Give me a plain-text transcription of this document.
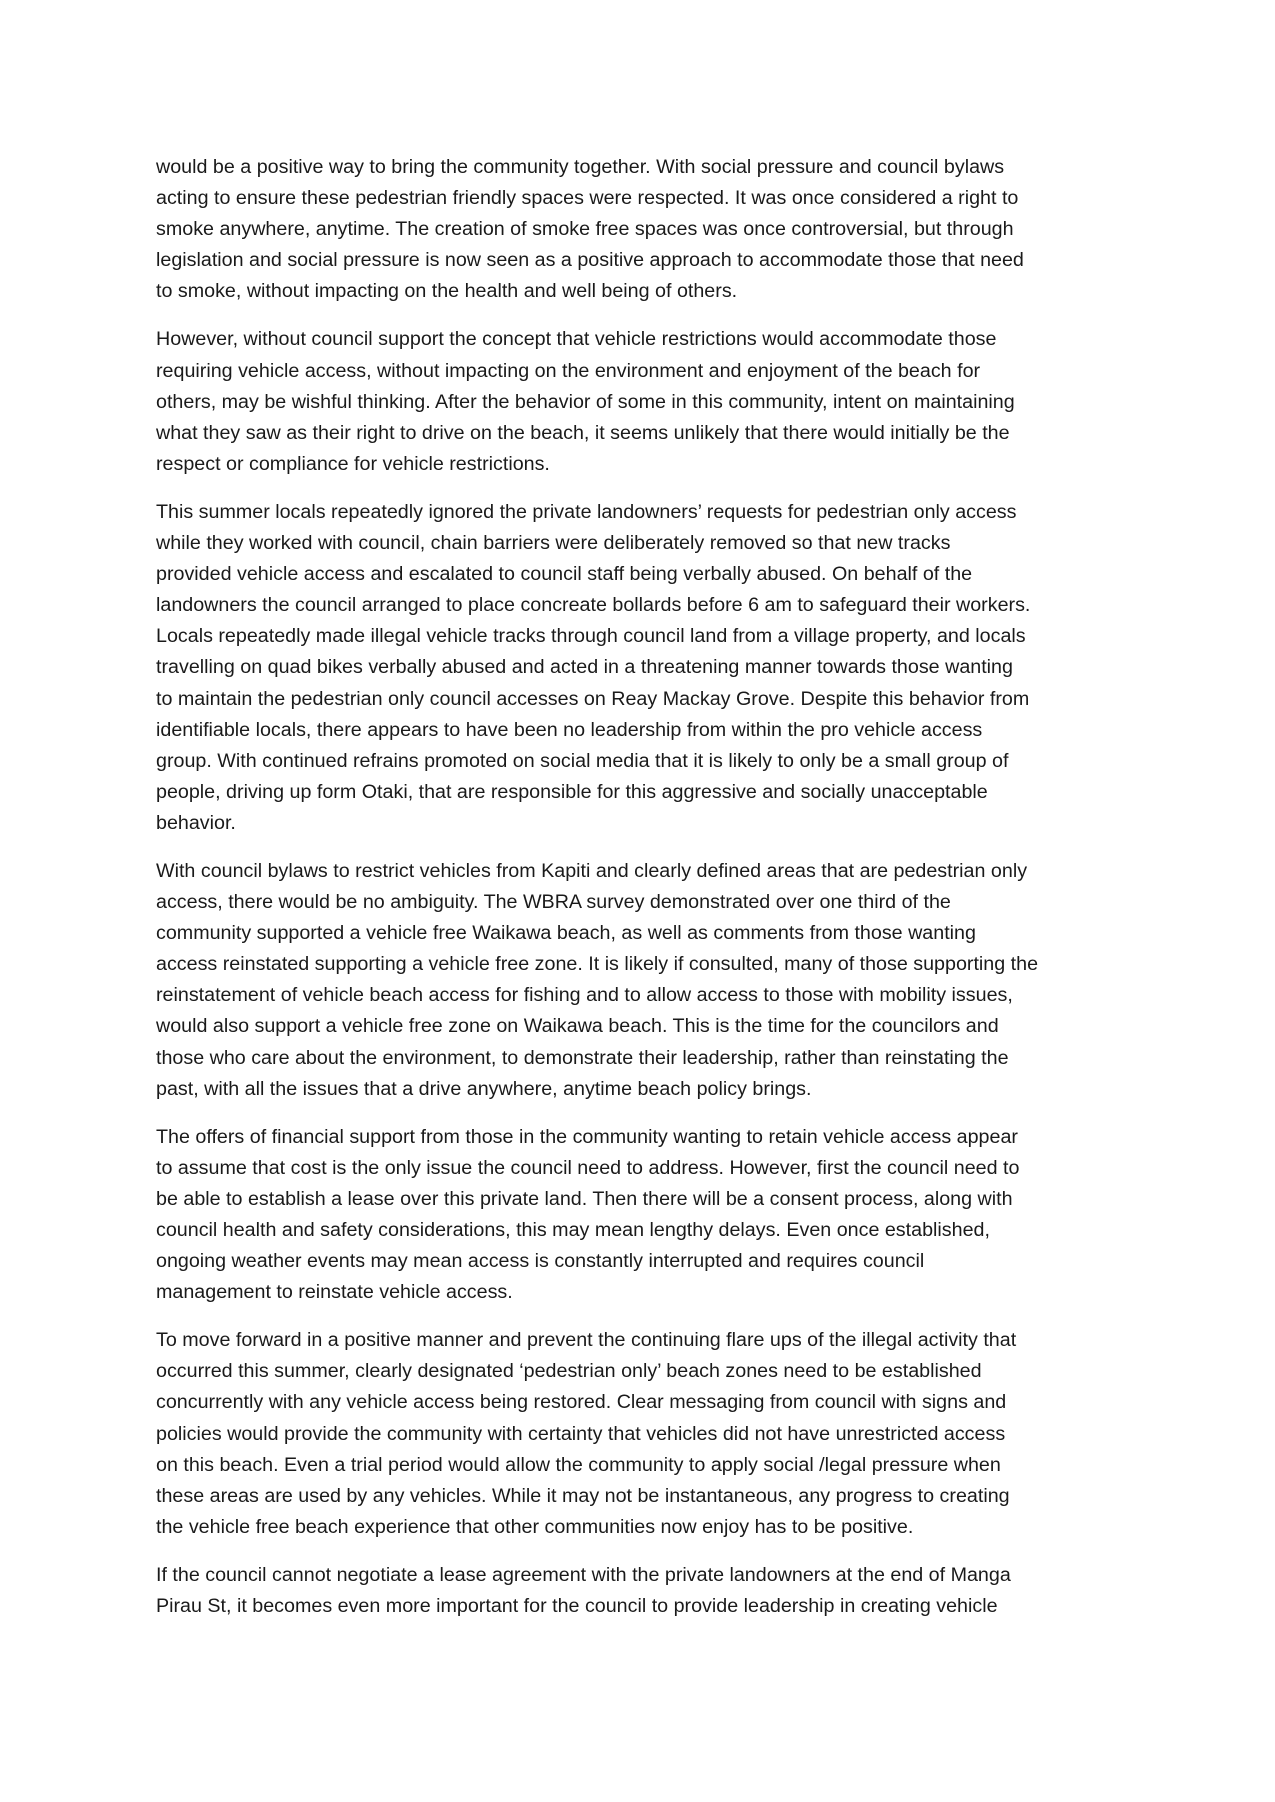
would be a positive way to bring the community together. With social pressure and council bylaws
acting to ensure these pedestrian friendly spaces were respected. It was once considered a right to
smoke anywhere, anytime. The creation of smoke free spaces was once controversial, but through
legislation and social pressure is now seen as a positive approach to accommodate those that need
to smoke, without impacting on the health and well being of others.

However, without council support the concept that vehicle restrictions would accommodate those
requiring vehicle access, without impacting on the environment and enjoyment of the beach for
others, may be wishful thinking. After the behavior of some in this community, intent on maintaining
what they saw as their right to drive on the beach, it seems unlikely that there would initially be the
respect or compliance for vehicle restrictions.

This summer locals repeatedly ignored the private landowners’ requests for pedestrian only access
while they worked with council, chain barriers were deliberately removed so that new tracks
provided vehicle access and escalated to council staff being verbally abused. On behalf of the
landowners the council arranged to place concreate bollards before 6 am to safeguard their workers.
Locals repeatedly made illegal vehicle tracks through council land from a village property, and locals
travelling on quad bikes verbally abused and acted in a threatening manner towards those wanting
to maintain the pedestrian only council accesses on Reay Mackay Grove. Despite this behavior from
identifiable locals, there appears to have been no leadership from within the pro vehicle access
group. With continued refrains promoted on social media that it is likely to only be a small group of
people, driving up form Otaki, that are responsible for this aggressive and socially unacceptable
behavior.

With council bylaws to restrict vehicles from Kapiti and clearly defined areas that are pedestrian only
access, there would be no ambiguity. The WBRA survey demonstrated over one third of the
community supported a vehicle free Waikawa beach, as well as comments from those wanting
access reinstated supporting a vehicle free zone. It is likely if consulted, many of those supporting the
reinstatement of vehicle beach access for fishing and to allow access to those with mobility issues,
would also support a vehicle free zone on Waikawa beach. This is the time for the councilors and
those who care about the environment, to demonstrate their leadership, rather than reinstating the
past, with all the issues that a drive anywhere, anytime beach policy brings.

The offers of financial support from those in the community wanting to retain vehicle access appear
to assume that cost is the only issue the council need to address. However, first the council need to
be able to establish a lease over this private land. Then there will be a consent process, along with
council health and safety considerations, this may mean lengthy delays. Even once established,
ongoing weather events may mean access is constantly interrupted and requires council
management to reinstate vehicle access.

To move forward in a positive manner and prevent the continuing flare ups of the illegal activity that
occurred this summer, clearly designated ‘pedestrian only’ beach zones need to be established
concurrently with any vehicle access being restored. Clear messaging from council with signs and
policies would provide the community with certainty that vehicles did not have unrestricted access
on this beach. Even a trial period would allow the community to apply social /legal pressure when
these areas are used by any vehicles. While it may not be instantaneous, any progress to creating
the vehicle free beach experience that other communities now enjoy has to be positive.

If the council cannot negotiate a lease agreement with the private landowners at the end of Manga
Pirau St, it becomes even more important for the council to provide leadership in creating vehicle
